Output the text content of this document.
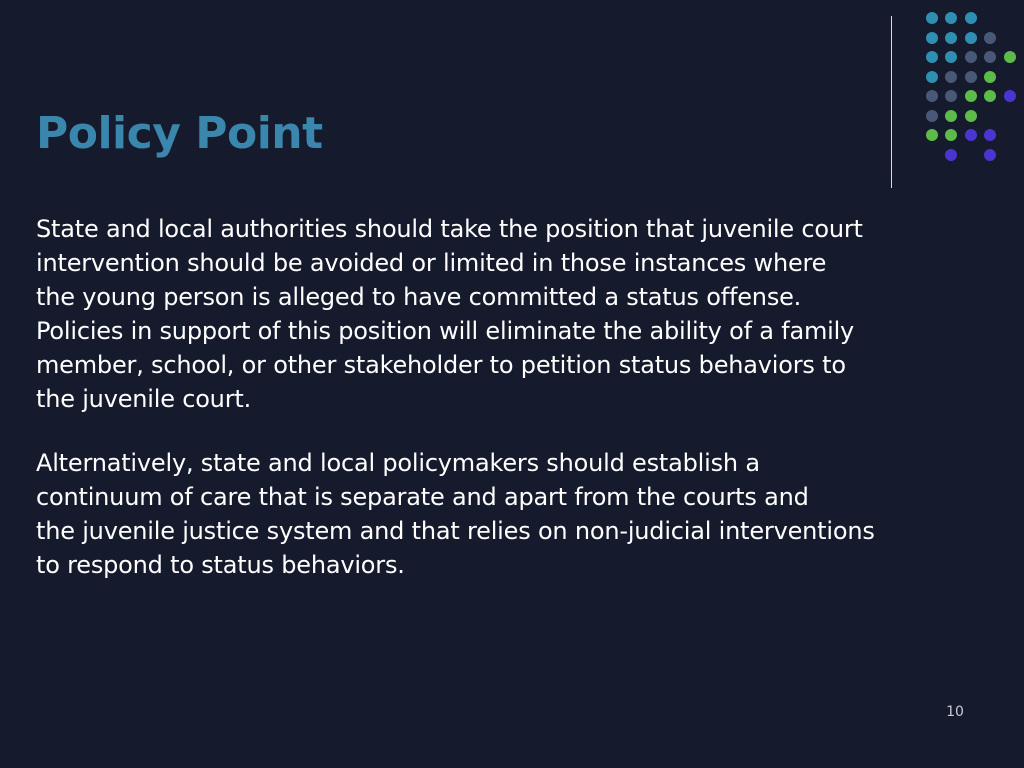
Policy Point

State and local authorities should take the position that juvenile court
intervention should be avoided or limited in those instances where
the young person is alleged to have committed a status offense.
Policies in support of this position will eliminate the ability of a family
member, school, or other stakeholder to petition status behaviors to
the juvenile court.

Alternatively, state and local policymakers should establish a
continuum of care that is separate and apart from the courts and
the juvenile justice system and that relies on non-judicial interventions
to respond to status behaviors.

10
